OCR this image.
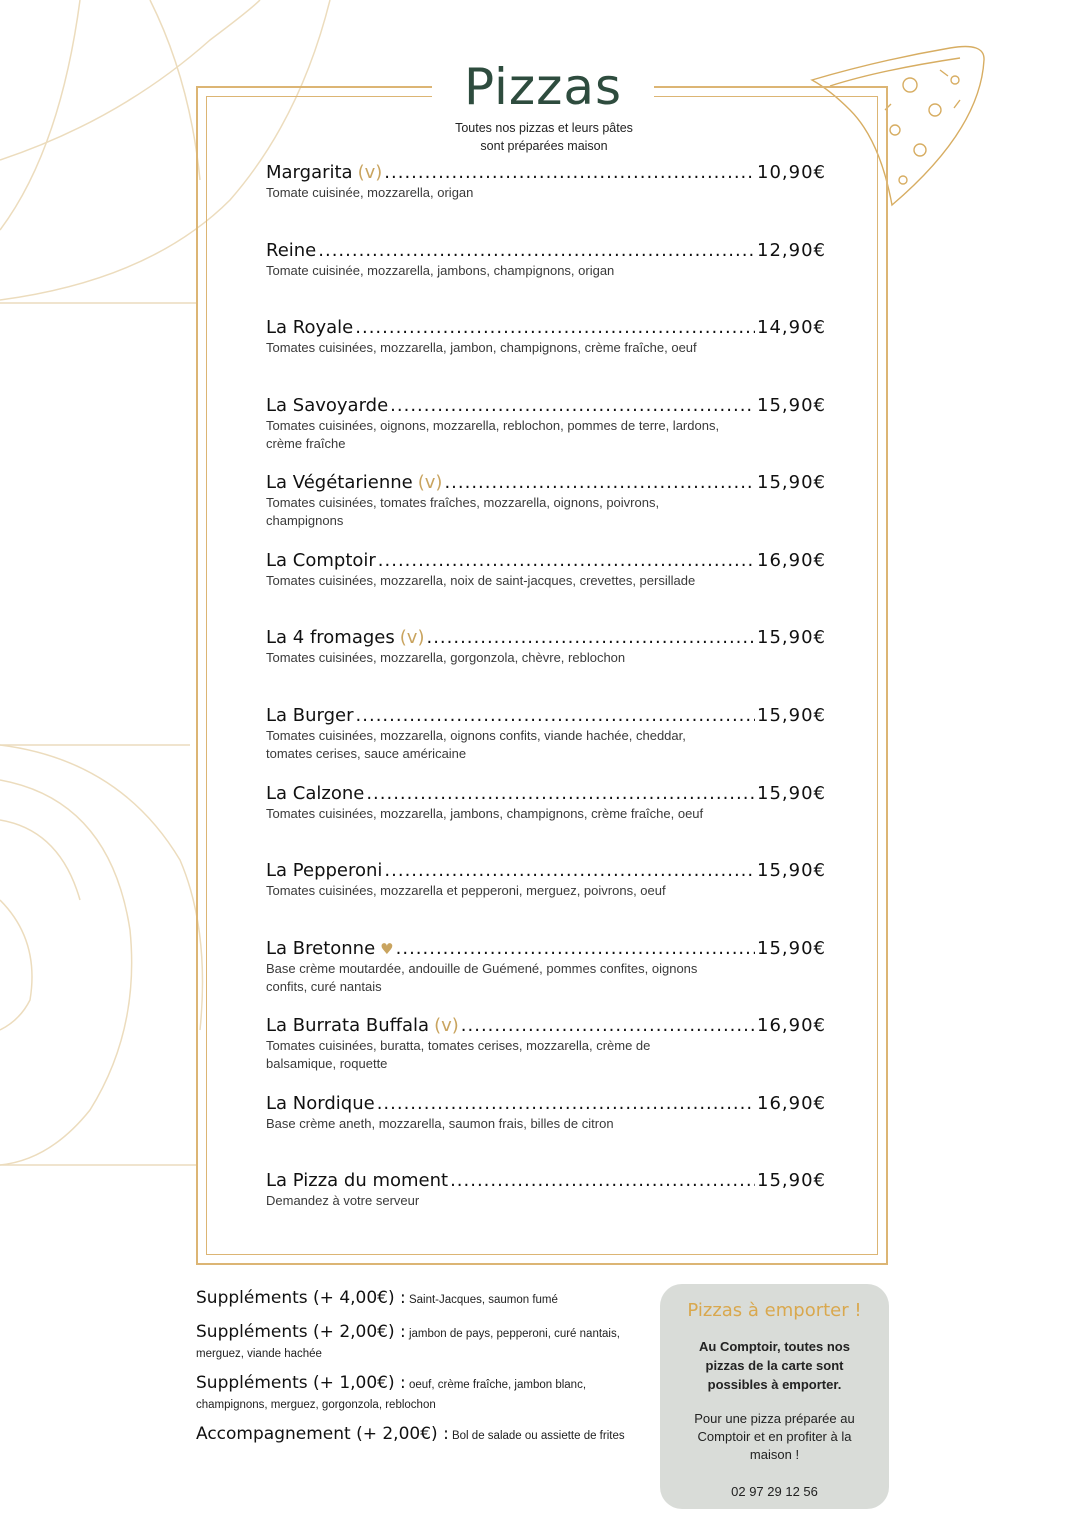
Pizzas
Toutes nos pizzas et leurs pâtes
sont préparées maison
Margarita (v) .....	10,90€
Tomate cuisinée, mozzarella, origan
Reine .....	12,90€
Tomate cuisinée, mozzarella, jambons, champignons, origan
La Royale .....	14,90€
Tomates cuisinées, mozzarella, jambon, champignons, crème fraîche, oeuf
La Savoyarde .....	15,90€
Tomates cuisinées, oignons, mozzarella, reblochon, pommes de terre, lardons, crème fraîche
La Végétarienne (v) .....	15,90€
Tomates cuisinées, tomates fraîches, mozzarella, oignons, poivrons, champignons
La Comptoir .....	16,90€
Tomates cuisinées, mozzarella, noix de saint-jacques, crevettes, persillade
La 4 fromages (v) .....	15,90€
Tomates cuisinées, mozzarella, gorgonzola, chèvre, reblochon
La Burger .....	15,90€
Tomates cuisinées, mozzarella, oignons confits, viande hachée, cheddar, tomates cerises, sauce américaine
La Calzone .....	15,90€
Tomates cuisinées, mozzarella, jambons, champignons, crème fraîche, oeuf
La Pepperoni .....	15,90€
Tomates cuisinées, mozzarella et pepperoni, merguez, poivrons, oeuf
La Bretonne ♥ .....	15,90€
Base crème moutardée, andouille de Guémené, pommes confites, oignons confits, curé nantais
La Burrata Buffala (v) .....	16,90€
Tomates cuisinées, buratta, tomates cerises, mozzarella, crème de balsamique, roquette
La Nordique .....	16,90€
Base crème aneth, mozzarella, saumon frais, billes de citron
La Pizza du moment .....	15,90€
Demandez à votre serveur
Suppléments (+ 4,00€) : Saint-Jacques, saumon fumé
Suppléments (+ 2,00€) : jambon de pays, pepperoni, curé nantais, merguez, viande hachée
Suppléments (+ 1,00€) : oeuf, crème fraîche, jambon blanc, champignons, merguez, gorgonzola, reblochon
Accompagnement (+ 2,00€) : Bol de salade ou assiette de frites
Pizzas à emporter !
Au Comptoir, toutes nos pizzas de la carte sont possibles à emporter.
Pour une pizza préparée au Comptoir et en profiter à la maison !
02 97 29 12 56
